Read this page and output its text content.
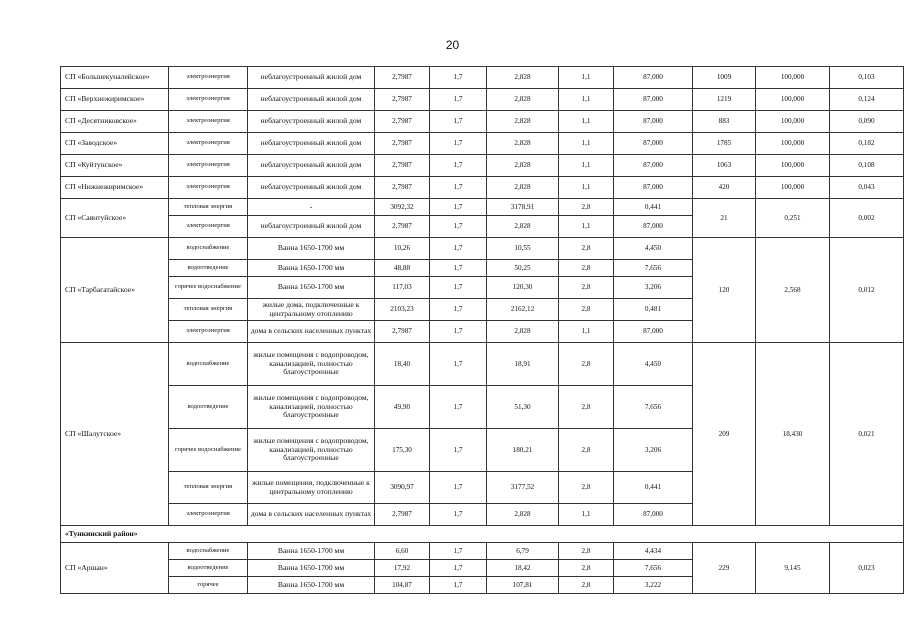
20
СП «Большекуналейское»	электроэнергия	неблагоустроенный жилой дом	2,7987	1,7	2,828	1,1	87,000	1009	100,000	0,103
СП «Верхнежиримское»	электроэнергия	неблагоустроенный жилой дом	2,7987	1,7	2,828	1,1	87,000	1219	100,000	0,124
СП «Десятниковское»	электроэнергия	неблагоустроенный жилой дом	2,7987	1,7	2,828	1,1	87,000	883	100,000	0,090
СП «Заводское»	электроэнергия	неблагоустроенный жилой дом	2,7987	1,7	2,828	1,1	87,000	1785	100,000	0,182
СП «Куйтунское»	электроэнергия	неблагоустроенный жилой дом	2,7987	1,7	2,828	1,1	87,000	1063	100,000	0,108
СП «Нижнежиримское»	электроэнергия	неблагоустроенный жилой дом	2,7987	1,7	2,828	1,1	87,000	420	100,000	0,043
СП «Саянтуйское»	тепловая энергия	-	3092,32	1,7	3178,91	2,8	0,441	21	0,251	0,002
	электроэнергия	неблагоустроенный жилой дом	2,7987	1,7	2,828	1,1	87,000			
СП «Тарбагатайское»	водоснабжение	Ванна 1650-1700 мм	10,26	1,7	10,55	2,8	4,450	120	2,568	0,012
	водоотведение	Ванна 1650-1700 мм	48,88	1,7	50,25	2,8	7,656			
	горячее водоснабжение	Ванна 1650-1700 мм	117,03	1,7	120,30	2,8	3,206			
	тепловая энергия	жилые дома, подключенные к центральному отоплению	2103,23	1,7	2162,12	2,8	0,481			
	электроэнергия	дома в сельских населенных пунктах	2,7987	1,7	2,828	1,1	87,000			
СП «Шалутское»	водоснабжение	жилые помещения с водопроводом, канализацией, полностью благоустроенные	18,40	1,7	18,91	2,8	4,450	209	18,430	0,021
	водоотведение	жилые помещения с водопроводом, канализацией, полностью благоустроенные	49,90	1,7	51,30	2,8	7,656			
	горячее водоснабжение	жилые помещения с водопроводом, канализацией, полностью благоустроенные	175,30	1,7	180,21	2,8	3,206			
	тепловая энергия	жилые помещения, подключенные к центральному отоплению	3090,97	1,7	3177,52	2,8	0,441			
	электроэнергия	дома в сельских населенных пунктах	2,7987	1,7	2,828	1,1	87,000			
«Тункинский район»										
СП «Аршан»	водоснабжение	Ванна 1650-1700 мм	6,60	1,7	6,79	2,8	4,434	229	9,145	0,023
	водоотведение	Ванна 1650-1700 мм	17,92	1,7	18,42	2,8	7,656			
	горячее	Ванна 1650-1700 мм	104,87	1,7	107,81	2,8	3,222			
